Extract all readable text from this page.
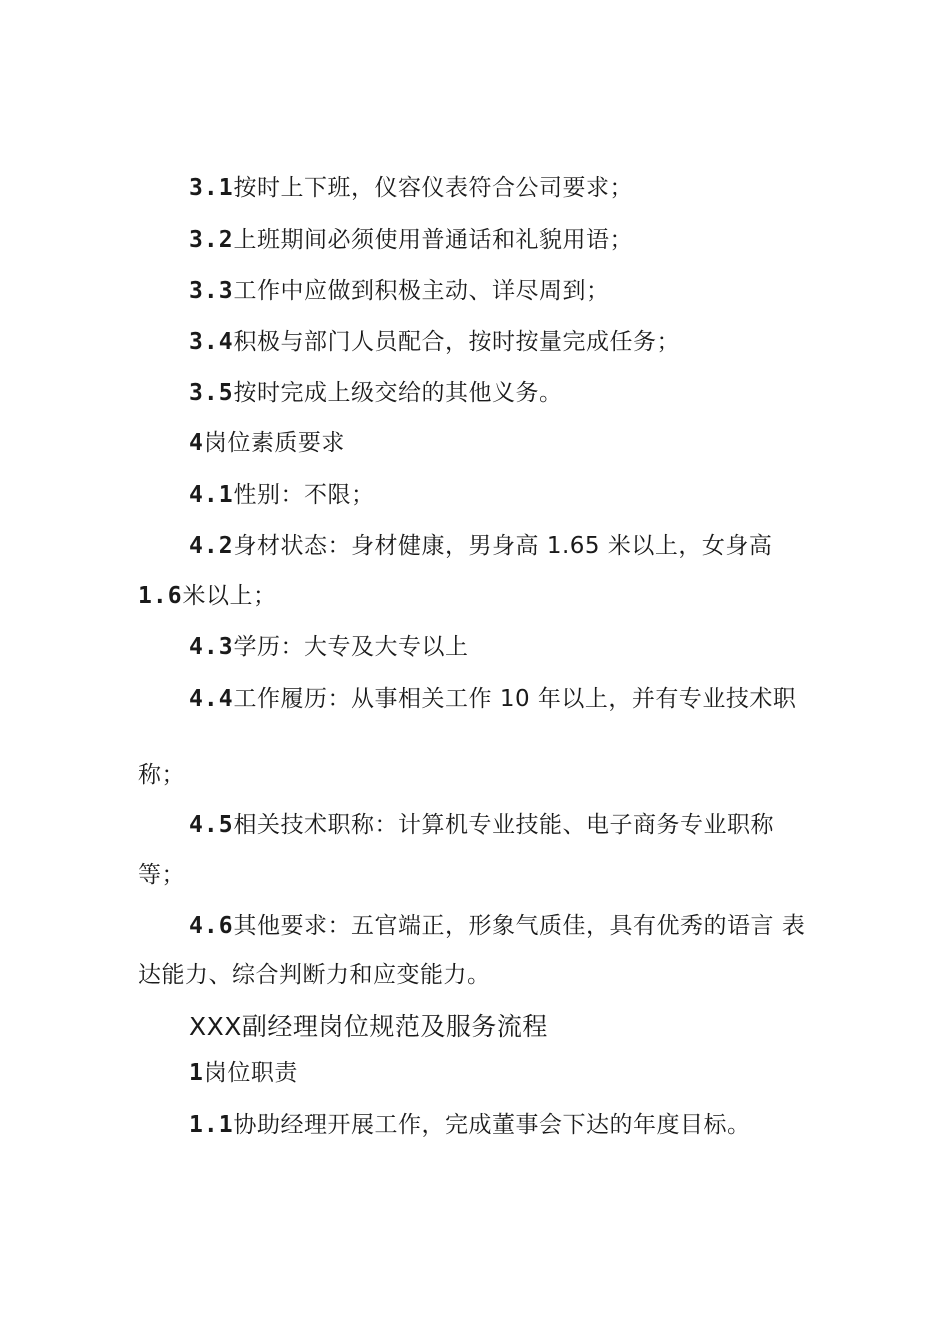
3.1按时上下班，仪容仪表符合公司要求；
3.2上班期间必须使用普通话和礼貌用语；
3.3工作中应做到积极主动、详尽周到；
3.4积极与部门人员配合，按时按量完成任务；
3.5按时完成上级交给的其他义务。
4岗位素质要求
4.1性别：不限；
4.2身材状态：身材健康，男身高 1.65 米以上，女身高
1.6米以上；
4.3学历：大专及大专以上
4.4工作履历：从事相关工作 10 年以上，并有专业技术职
称；
4.5相关技术职称：计算机专业技能、电子商务专业职称
等；
4.6其他要求：五官端正，形象气质佳，具有优秀的语言 表
达能力、综合判断力和应变能力。
XXX副经理岗位规范及服务流程
1岗位职责
1.1协助经理开展工作，完成董事会下达的年度目标。
